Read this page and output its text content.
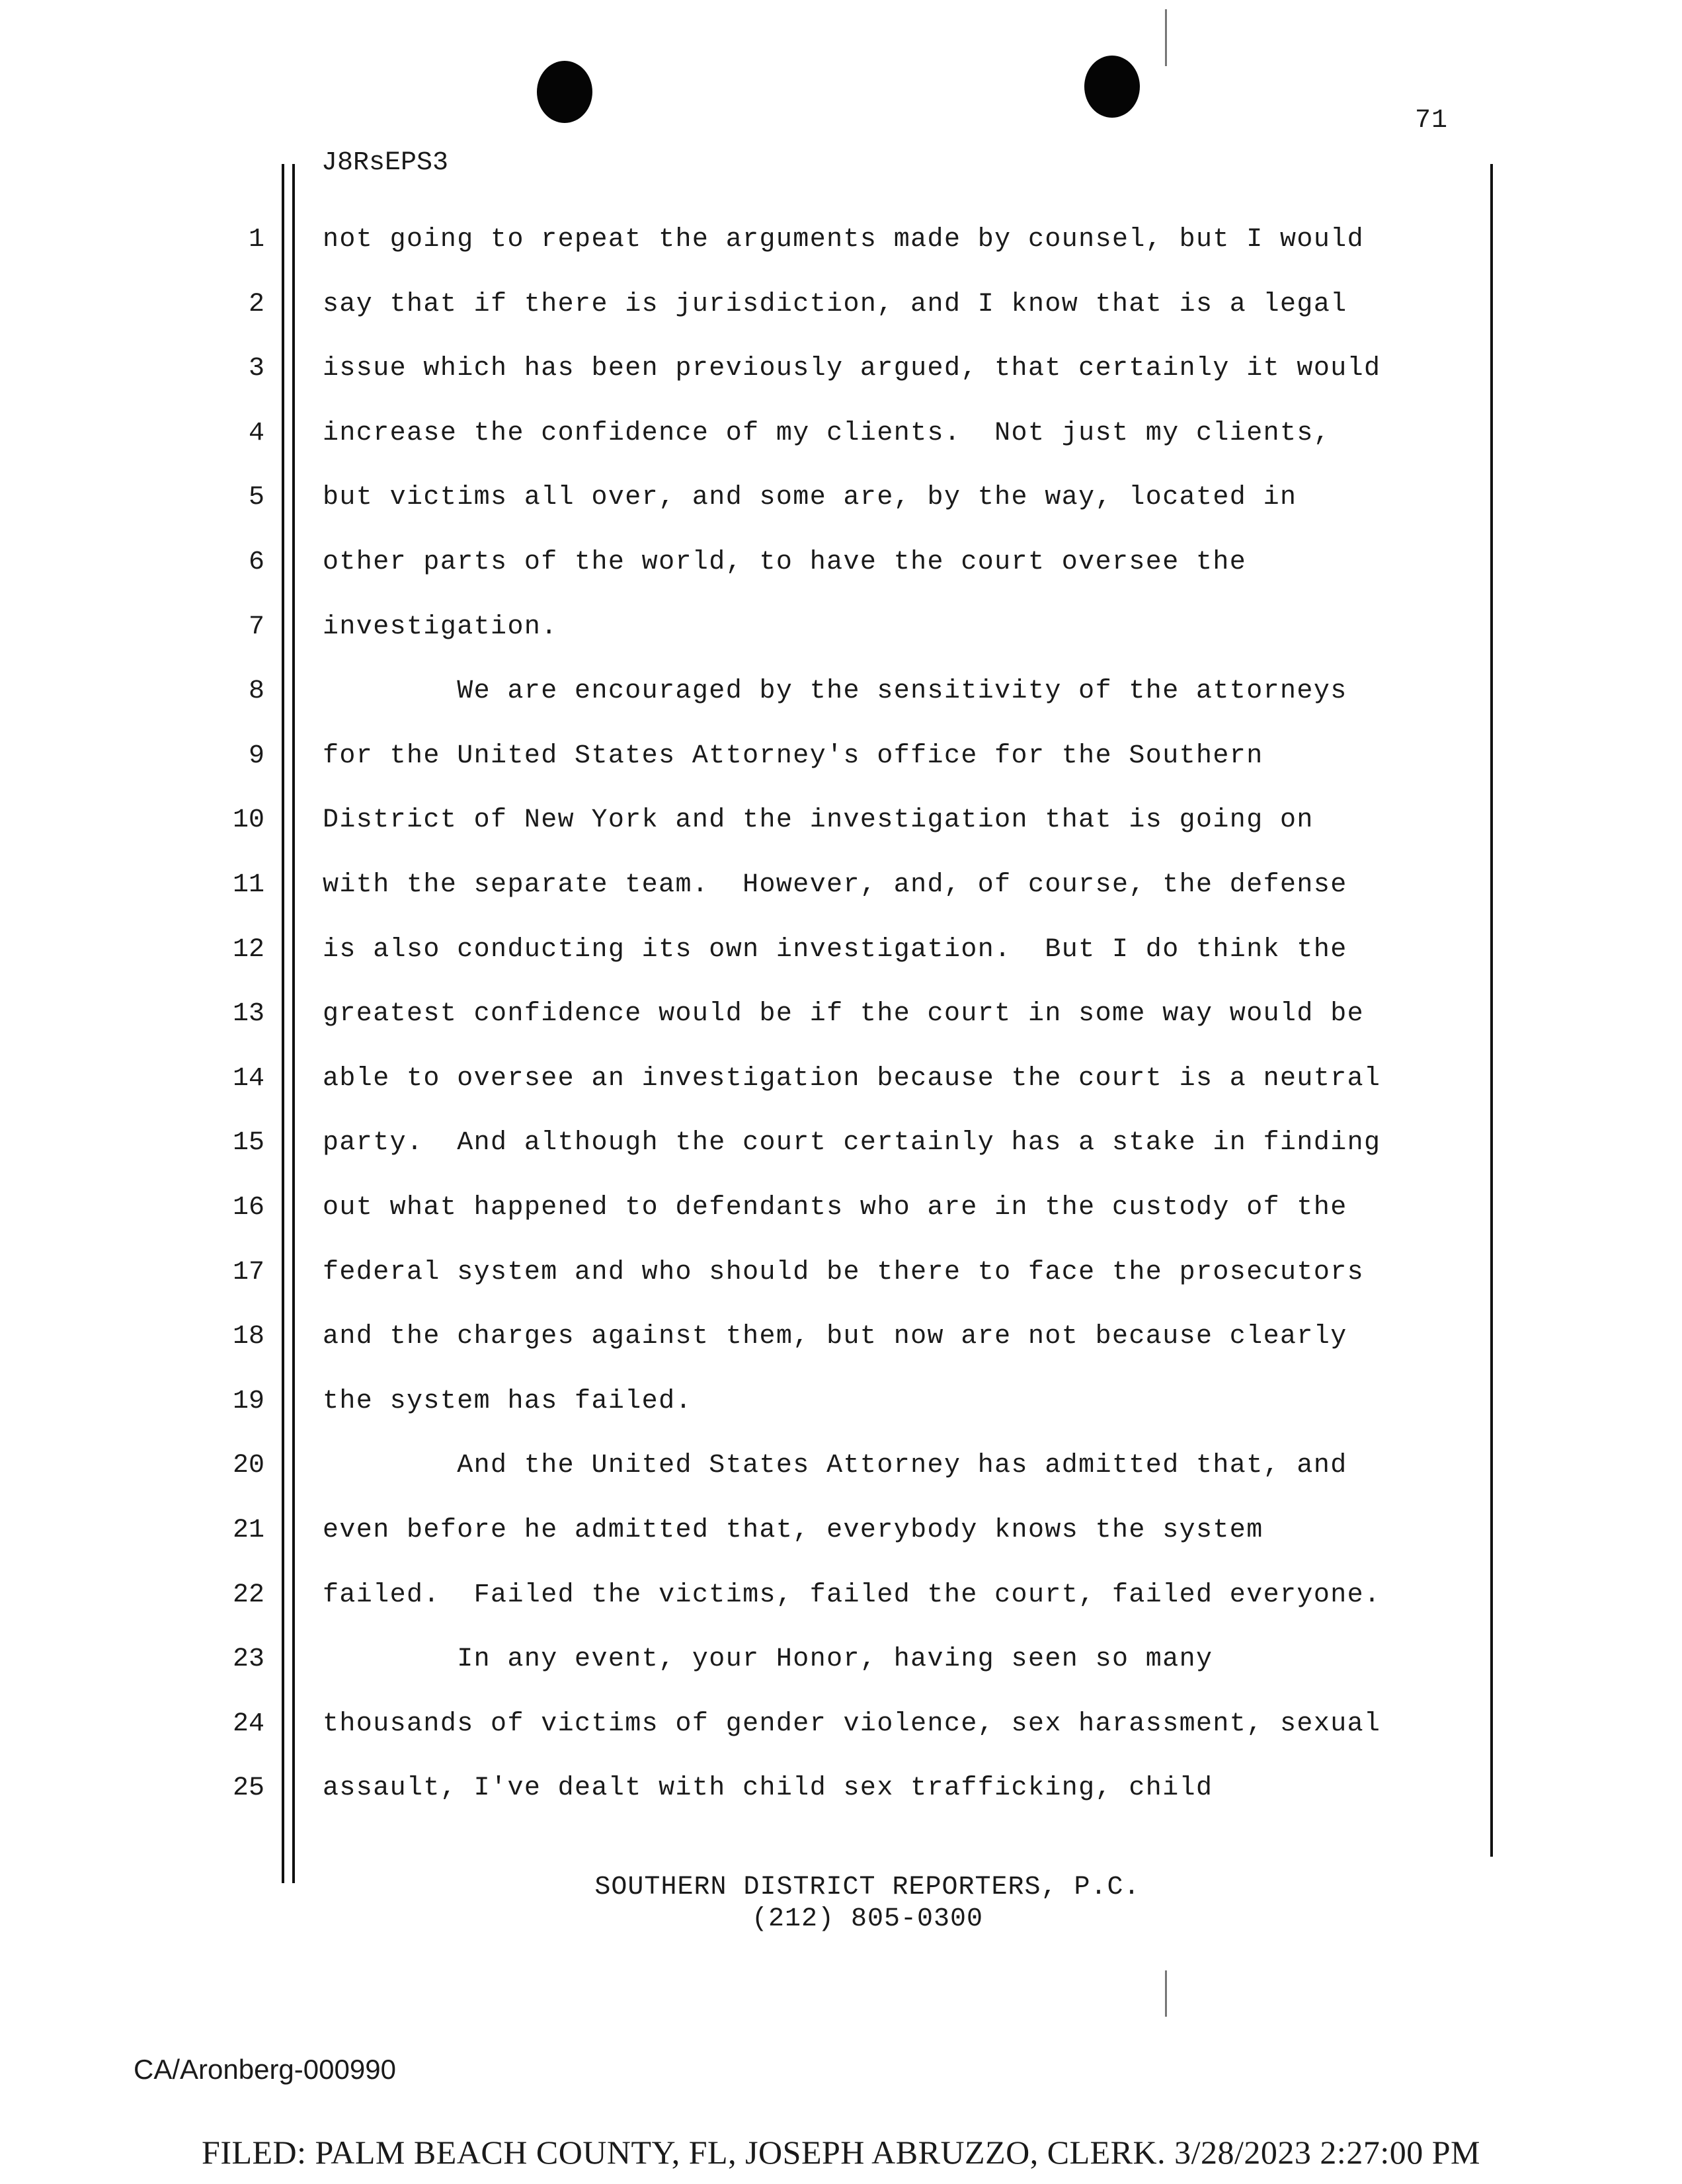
71
J8RsEPS3
1 not going to repeat the arguments made by counsel, but I would
2 say that if there is jurisdiction, and I know that is a legal
3 issue which has been previously argued, that certainly it would
4 increase the confidence of my clients.  Not just my clients,
5 but victims all over, and some are, by the way, located in
6 other parts of the world, to have the court oversee the
7 investigation.
8 We are encouraged by the sensitivity of the attorneys
9 for the United States Attorney's office for the Southern
10 District of New York and the investigation that is going on
11 with the separate team.  However, and, of course, the defense
12 is also conducting its own investigation.  But I do think the
13 greatest confidence would be if the court in some way would be
14 able to oversee an investigation because the court is a neutral
15 party.  And although the court certainly has a stake in finding
16 out what happened to defendants who are in the custody of the
17 federal system and who should be there to face the prosecutors
18 and the charges against them, but now are not because clearly
19 the system has failed.
20 And the United States Attorney has admitted that, and
21 even before he admitted that, everybody knows the system
22 failed.  Failed the victims, failed the court, failed everyone.
23 In any event, your Honor, having seen so many
24 thousands of victims of gender violence, sex harassment, sexual
25 assault, I've dealt with child sex trafficking, child
SOUTHERN DISTRICT REPORTERS, P.C.
(212) 805-0300
CA/Aronberg-000990
FILED: PALM BEACH COUNTY, FL, JOSEPH ABRUZZO, CLERK. 3/28/2023 2:27:00 PM
